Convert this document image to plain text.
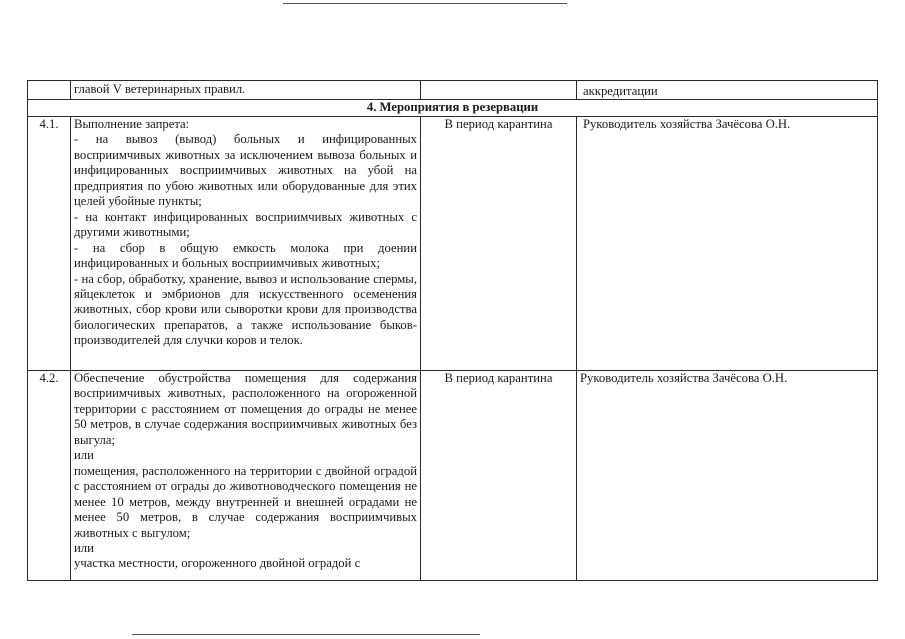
	главой V ветеринарных правил.		аккредитации
4. Мероприятия в резервации			
4.1.	Выполнение запрета:

- на вывоз (вывод) больных и инфицированных восприимчивых животных за исключением вывоза больных и инфицированных восприимчивых животных на убой на предприятия по убою животных или оборудованные для этих целей убойные пункты;

- на контакт инфицированных восприимчивых животных с другими животными;

- на сбор в общую емкость молока при доении инфицированных и больных восприимчивых животных;

- на сбор, обработку, хранение, вывоз и использование спермы, яйцеклеток и эмбрионов для искусственного осеменения животных, сбор крови или сыворотки крови для производства биологических препаратов, а также использование быков-производителей для случки коров и телок.	В период карантина	Руководитель хозяйства Зачёсова О.Н.
4.2.	Обеспечение обустройства помещения для содержания восприимчивых животных, расположенного на огороженной территории с расстоянием от помещения до ограды не менее 50 метров, в случае содержания восприимчивых животных без выгула;

или

помещения, расположенного на территории с двойной оградой с расстоянием от ограды до животноводческого помещения не менее 10 метров, между внутренней и внешней оградами не менее 50 метров, в случае содержания восприимчивых животных с выгулом;

или

участка местности, огороженного двойной оградой с	В период карантина	Руководитель хозяйства Зачёсова О.Н.
